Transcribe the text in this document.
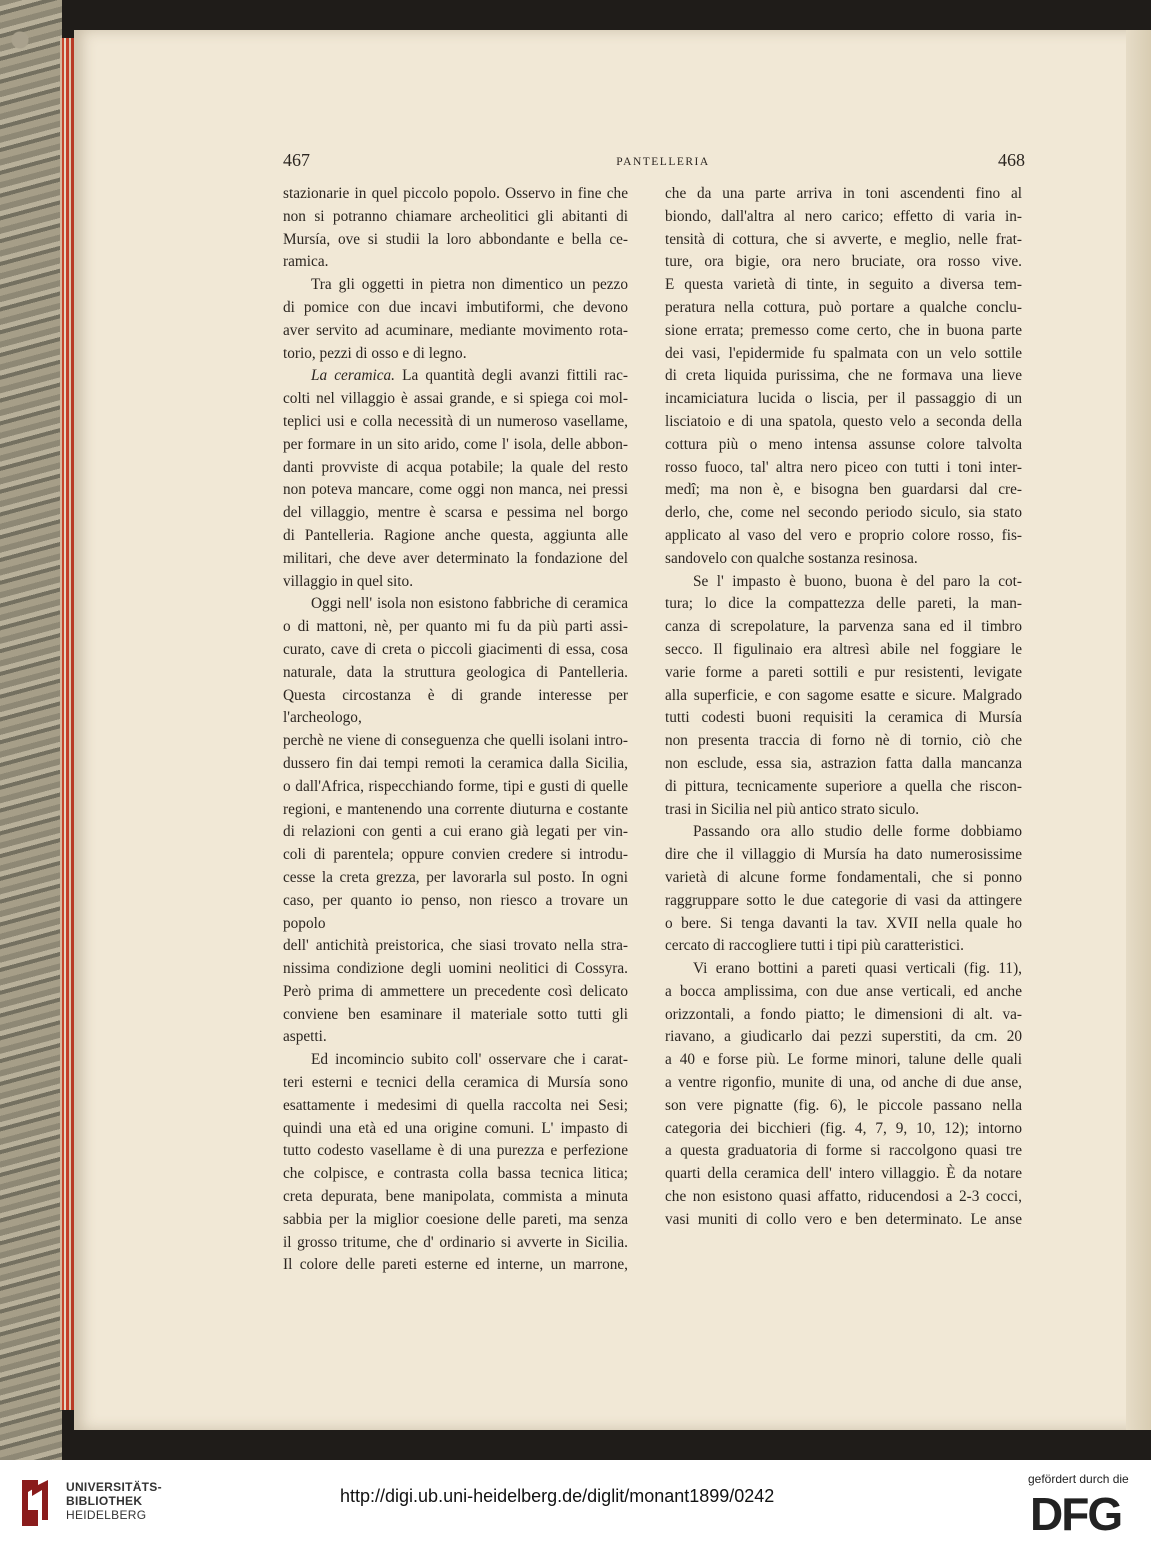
467	PANTELLERIA	468

stazionarie in quel piccolo popolo. Osservo in fine che

non si potranno chiamare archeolitici gli abitanti di

Mursía, ove si studii la loro abbondante e bella ce-

ramica.

Tra gli oggetti in pietra non dimentico un pezzo

di pomice con due incavi imbutiformi, che devono

aver servito ad acuminare, mediante movimento rota-

torio, pezzi di osso e di legno.

La ceramica. La quantità degli avanzi fittili rac-

colti nel villaggio è assai grande, e si spiega coi mol-

teplici usi e colla necessità di un numeroso vasellame,

per formare in un sito arido, come l' isola, delle abbon-

danti provviste di acqua potabile; la quale del resto

non poteva mancare, come oggi non manca, nei pressi

del villaggio, mentre è scarsa e pessima nel borgo

di Pantelleria. Ragione anche questa, aggiunta alle

militari, che deve aver determinato la fondazione del

villaggio in quel sito.

Oggi nell' isola non esistono fabbriche di ceramica

o di mattoni, nè, per quanto mi fu da più parti assi-

curato, cave di creta o piccoli giacimenti di essa, cosa

naturale, data la struttura geologica di Pantelleria.

Questa circostanza è di grande interesse per l'archeologo,

perchè ne viene di conseguenza che quelli isolani intro-

dussero fin dai tempi remoti la ceramica dalla Sicilia,

o dall'Africa, rispecchiando forme, tipi e gusti di quelle

regioni, e mantenendo una corrente diuturna e costante

di relazioni con genti a cui erano già legati per vin-

coli di parentela; oppure convien credere si introdu-

cesse la creta grezza, per lavorarla sul posto. In ogni

caso, per quanto io penso, non riesco a trovare un popolo

dell' antichità preistorica, che siasi trovato nella stra-

nissima condizione degli uomini neolitici di Cossyra.

Però prima di ammettere un precedente così delicato

conviene ben esaminare il materiale sotto tutti gli

aspetti.

Ed incomincio subito coll' osservare che i carat-

teri esterni e tecnici della ceramica di Mursía sono

esattamente i medesimi di quella raccolta nei Sesi;

quindi una età ed una origine comuni. L' impasto di

tutto codesto vasellame è di una purezza e perfezione

che colpisce, e contrasta colla bassa tecnica litica;

creta depurata, bene manipolata, commista a minuta

sabbia per la miglior coesione delle pareti, ma senza

il grosso tritume, che d' ordinario si avverte in Sicilia.

Il colore delle pareti esterne ed interne, un marrone,

che da una parte arriva in toni ascendenti fino al

biondo, dall'altra al nero carico; effetto di varia in-

tensità di cottura, che si avverte, e meglio, nelle frat-

ture, ora bigie, ora nero bruciate, ora rosso vive.

E questa varietà di tinte, in seguito a diversa tem-

peratura nella cottura, può portare a qualche conclu-

sione errata; premesso come certo, che in buona parte

dei vasi, l'epidermide fu spalmata con un velo sottile

di creta liquida purissima, che ne formava una lieve

incamiciatura lucida o liscia, per il passaggio di un

lisciatoio e di una spatola, questo velo a seconda della

cottura più o meno intensa assunse colore talvolta

rosso fuoco, tal' altra nero piceo con tutti i toni inter-

medî; ma non è, e bisogna ben guardarsi dal cre-

derlo, che, come nel secondo periodo siculo, sia stato

applicato al vaso del vero e proprio colore rosso, fis-

sandovelo con qualche sostanza resinosa.

Se l' impasto è buono, buona è del paro la cot-

tura; lo dice la compattezza delle pareti, la man-

canza di screpolature, la parvenza sana ed il timbro

secco. Il figulinaio era altresì abile nel foggiare le

varie forme a pareti sottili e pur resistenti, levigate

alla superficie, e con sagome esatte e sicure. Malgrado

tutti codesti buoni requisiti la ceramica di Mursía

non presenta traccia di forno nè di tornio, ciò che

non esclude, essa sia, astrazion fatta dalla mancanza

di pittura, tecnicamente superiore a quella che riscon-

trasi in Sicilia nel più antico strato siculo.

Passando ora allo studio delle forme dobbiamo

dire che il villaggio di Mursía ha dato numerosissime

varietà di alcune forme fondamentali, che si ponno

raggruppare sotto le due categorie di vasi da attingere

o bere. Si tenga davanti la tav. XVII nella quale ho

cercato di raccogliere tutti i tipi più caratteristici.

Vi erano bottini a pareti quasi verticali (fig. 11),

a bocca amplissima, con due anse verticali, ed anche

orizzontali, a fondo piatto; le dimensioni di alt. va-

riavano, a giudicarlo dai pezzi superstiti, da cm. 20

a 40 e forse più. Le forme minori, talune delle quali

a ventre rigonfio, munite di una, od anche di due anse,

son vere pignatte (fig. 6), le piccole passano nella

categoria dei bicchieri (fig. 4, 7, 9, 10, 12); intorno

a questa graduatoria di forme si raccolgono quasi tre

quarti della ceramica dell' intero villaggio. È da notare

che non esistono quasi affatto, riducendosi a 2-3 cocci,

vasi muniti di collo vero e ben determinato. Le anse

UNIVERSITÄTS-
BIBLIOTHEK
HEIDELBERG
http://digi.ub.uni-heidelberg.de/diglit/monant1899/0242
gefördert durch die
DFG
